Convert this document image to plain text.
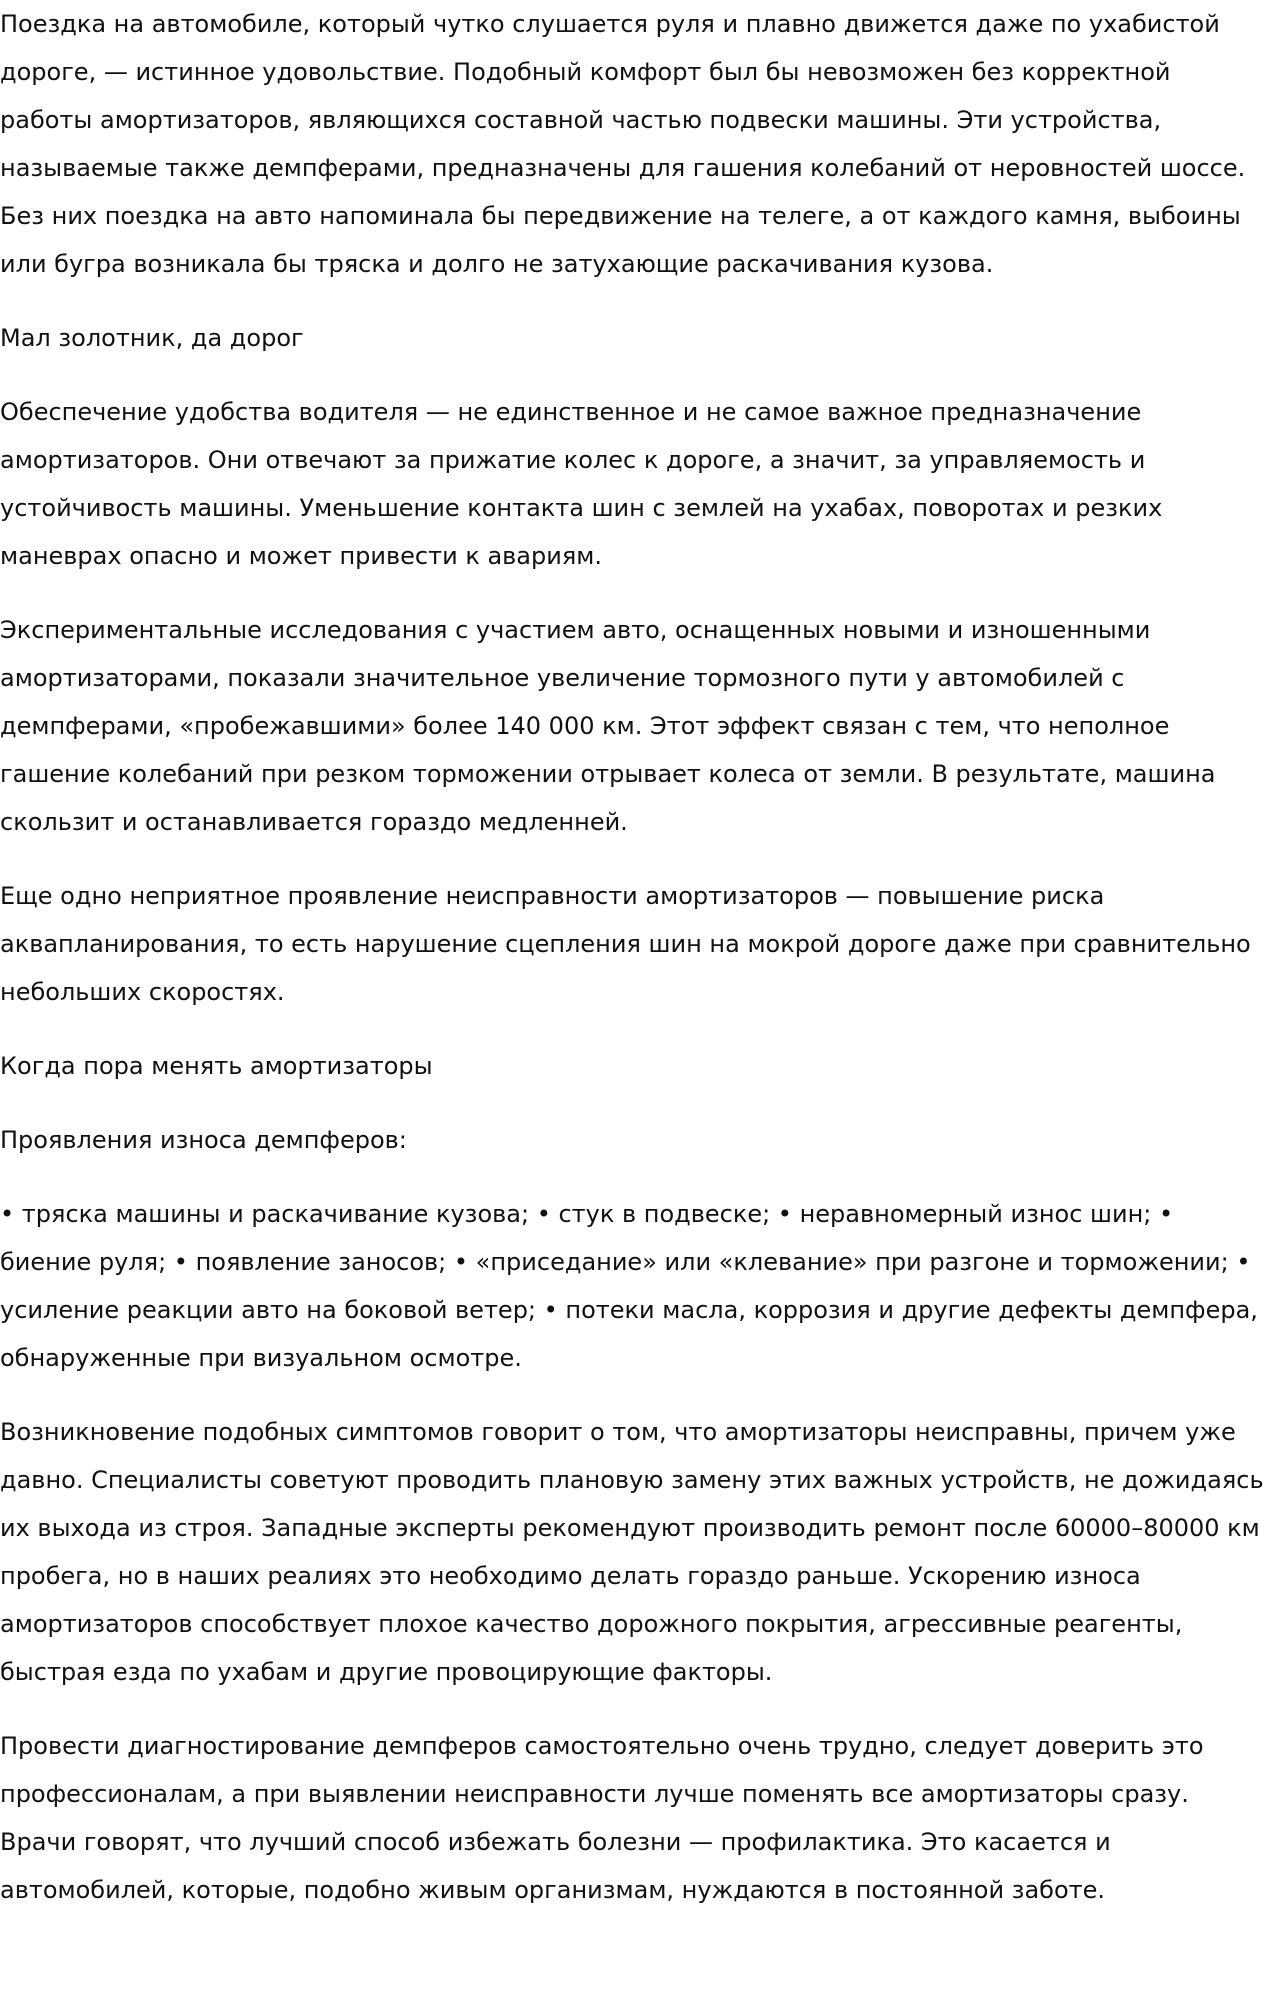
Поездка на автомобиле, который чутко слушается руля и плавно движется даже по ухабистой дороге, — истинное удовольствие. Подобный комфорт был бы невозможен без корректной работы амортизаторов, являющихся составной частью подвески машины. Эти устройства, называемые также демпферами, предназначены для гашения колебаний от неровностей шоссе. Без них поездка на авто напоминала бы передвижение на телеге, а от каждого камня, выбоины или бугра возникала бы тряска и долго не затухающие раскачивания кузова.

Мал золотник, да дорог

Обеспечение удобства водителя — не единственное и не самое важное предназначение амортизаторов. Они отвечают за прижатие колес к дороге, а значит, за управляемость и устойчивость машины. Уменьшение контакта шин с землей на ухабах, поворотах и резких маневрах опасно и может привести к авариям.

Экспериментальные исследования с участием авто, оснащенных новыми и изношенными амортизаторами, показали значительное увеличение тормозного пути у автомобилей с демпферами, «пробежавшими» более 140 000 км. Этот эффект связан с тем, что неполное гашение колебаний при резком торможении отрывает колеса от земли. В результате, машина скользит и останавливается гораздо медленней.

Еще одно неприятное проявление неисправности амортизаторов — повышение риска аквапланирования, то есть нарушение сцепления шин на мокрой дороге даже при сравнительно небольших скоростях.

Когда пора менять амортизаторы

Проявления износа демпферов:

• тряска машины и раскачивание кузова; • стук в подвеске; • неравномерный износ шин; • биение руля; • появление заносов; • «приседание» или «клевание» при разгоне и торможении; • усиление реакции авто на боковой ветер; • потеки масла, коррозия и другие дефекты демпфера, обнаруженные при визуальном осмотре.

Возникновение подобных симптомов говорит о том, что амортизаторы неисправны, причем уже давно. Специалисты советуют проводить плановую замену этих важных устройств, не дожидаясь их выхода из строя. Западные эксперты рекомендуют производить ремонт после 60000–80000 км пробега, но в наших реалиях это необходимо делать гораздо раньше. Ускорению износа амортизаторов способствует плохое качество дорожного покрытия, агрессивные реагенты, быстрая езда по ухабам и другие провоцирующие факторы.

Провести диагностирование демпферов самостоятельно очень трудно, следует доверить это профессионалам, а при выявлении неисправности лучше поменять все амортизаторы сразу. Врачи говорят, что лучший способ избежать болезни — профилактика. Это касается и автомобилей, которые, подобно живым организмам, нуждаются в постоянной заботе.
